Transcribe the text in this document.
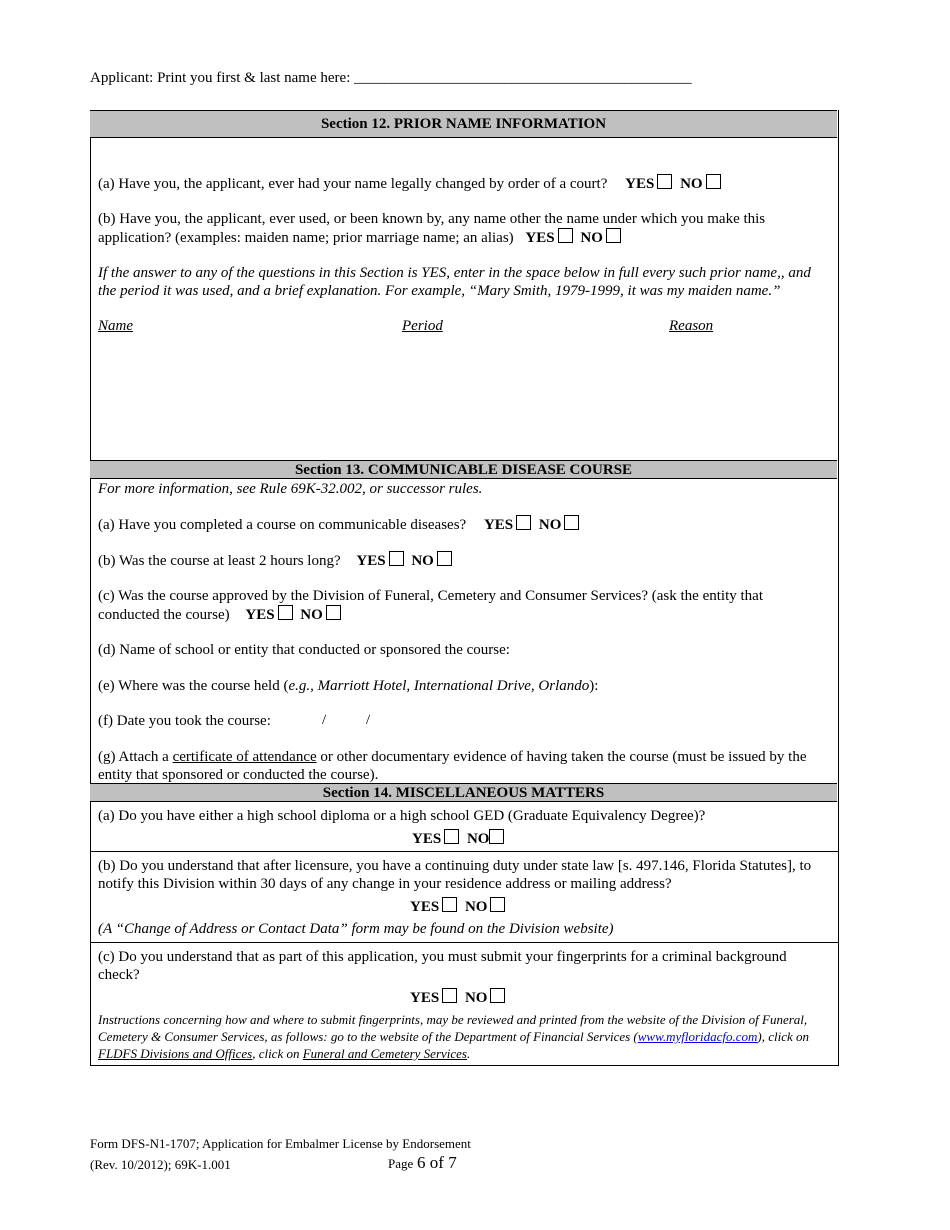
Applicant: Print you first & last name here: _____________________________________________
Section 12. PRIOR NAME INFORMATION
(a) Have you, the applicant, ever had your name legally changed by order of a court? YES NO
(b) Have you, the applicant, ever used, or been known by, any name other the name under which you make this application? (examples: maiden name; prior marriage name; an alias) YES NO
If the answer to any of the questions in this Section is YES, enter in the space below in full every such prior name,, and the period it was used, and a brief explanation. For example, “Mary Smith, 1979-1999, it was my maiden name.”
Name	Period	Reason
Section 13. COMMUNICABLE DISEASE COURSE
For more information, see Rule 69K-32.002, or successor rules.
(a) Have you completed a course on communicable diseases? YES NO
(b) Was the course at least 2 hours long? YES NO
(c) Was the course approved by the Division of Funeral, Cemetery and Consumer Services? (ask the entity that conducted the course) YES NO
(d) Name of school or entity that conducted or sponsored the course:
(e) Where was the course held (e.g., Marriott Hotel, International Drive, Orlando):
(f) Date you took the course:	/	/
(g) Attach a certificate of attendance or other documentary evidence of having taken the course (must be issued by the entity that sponsored or conducted the course).
Section 14. MISCELLANEOUS MATTERS
(a) Do you have either a high school diploma or a high school GED (Graduate Equivalency Degree)?
YES NO
(b) Do you understand that after licensure, you have a continuing duty under state law [s. 497.146, Florida Statutes], to notify this Division within 30 days of any change in your residence address or mailing address?
YES NO
(A “Change of Address or Contact Data” form may be found on the Division website)
(c) Do you understand that as part of this application, you must submit your fingerprints for a criminal background check?
YES NO
Instructions concerning how and where to submit fingerprints, may be reviewed and printed from the website of the Division of Funeral, Cemetery & Consumer Services, as follows: go to the website of the Department of Financial Services (www.myfloridacfo.com), click on FLDFS Divisions and Offices, click on Funeral and Cemetery Services.
Form DFS-N1-1707; Application for Embalmer License by Endorsement
(Rev. 10/2012); 69K-1.001	Page 6 of 7
